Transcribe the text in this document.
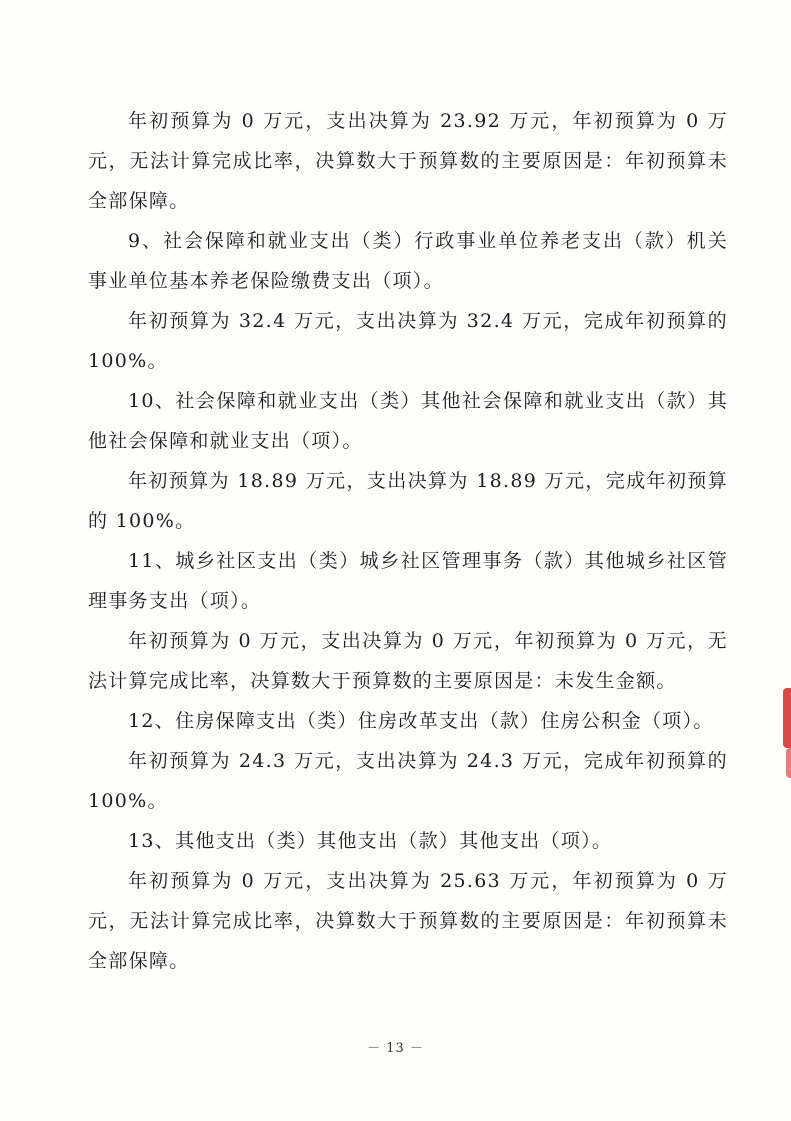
年初预算为 0 万元，支出决算为 23.92 万元，年初预算为 0 万元，无法计算完成比率，决算数大于预算数的主要原因是：年初预算未全部保障。

9、社会保障和就业支出（类）行政事业单位养老支出（款）机关事业单位基本养老保险缴费支出（项）。

年初预算为 32.4 万元，支出决算为 32.4 万元，完成年初预算的 100%。

10、社会保障和就业支出（类）其他社会保障和就业支出（款）其他社会保障和就业支出（项）。

年初预算为 18.89 万元，支出决算为 18.89 万元，完成年初预算的 100%。

11、城乡社区支出（类）城乡社区管理事务（款）其他城乡社区管理事务支出（项）。

年初预算为 0 万元，支出决算为 0 万元，年初预算为 0 万元，无法计算完成比率，决算数大于预算数的主要原因是：未发生金额。

12、住房保障支出（类）住房改革支出（款）住房公积金（项）。

年初预算为 24.3 万元，支出决算为 24.3 万元，完成年初预算的 100%。

13、其他支出（类）其他支出（款）其他支出（项）。

年初预算为 0 万元，支出决算为 25.63 万元，年初预算为 0 万元，无法计算完成比率，决算数大于预算数的主要原因是：年初预算未全部保障。

－ 13 －
